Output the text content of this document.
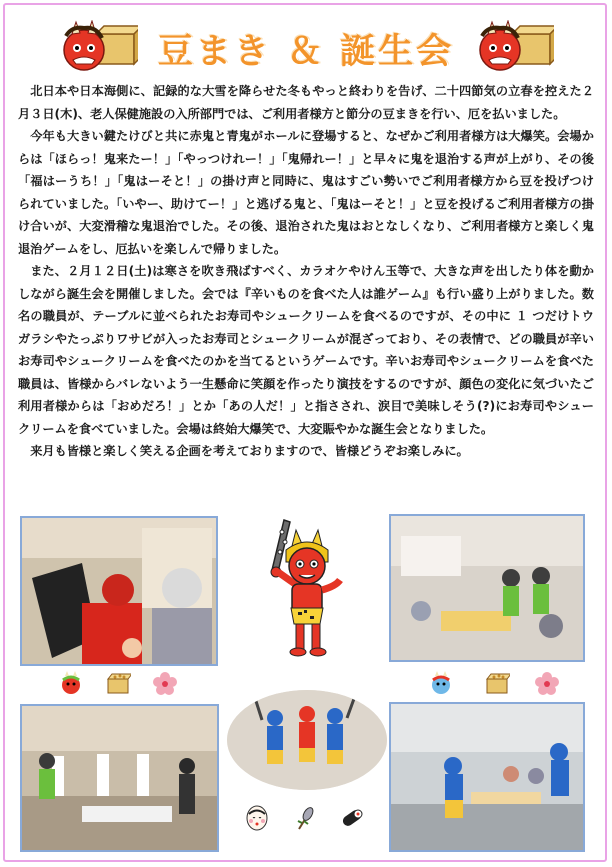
豆まき ＆ 誕生会

北日本や日本海側に、記録的な大雪を降らせた冬もやっと終わりを告げ、二十四節気の立春を控えた２月３日(木)、老人保健施設の入所部門では、ご利用者様方と節分の豆まきを行い、厄を払いました。

今年も大きい鍵たけびと共に赤鬼と青鬼がホールに登場すると、なぜかご利用者様方は大爆笑。会場からは「ほらっ！鬼来たー！」「やっつけれー！」「鬼帰れー！」と早々に鬼を退治する声が上がり、その後「福はーうち！」「鬼はーそと！」の掛け声と同時に、鬼はすごい勢いでご利用者様方から豆を投げつけられていました。「いやー、助けてー！」と逃げる鬼と、「鬼はーそと！」と豆を投げるご利用者様方の掛け合いが、大変滑稽な鬼退治でした。その後、退治された鬼はおとなしくなり、ご利用者様方と楽しく鬼退治ゲームをし、厄払いを楽しんで帰りました。

また、２月１２日(土)は寒さを吹き飛ばすべく、カラオケやけん玉等で、大きな声を出したり体を動かしながら誕生会を開催しました。会では『辛いものを食べた人は誰ゲーム』も行い盛り上がりました。数名の職員が、テーブルに並べられたお寿司やシュークリームを食べるのですが、その中に １ つだけトウガラシやたっぷりワサビが入ったお寿司とシュークリームが混ざっており、その表情で、どの職員が辛いお寿司やシュークリームを食べたのかを当てるというゲームです。辛いお寿司やシュークリームを食べた職員は、皆様からバレないよう一生懸命に笑顔を作ったり演技をするのですが、顔色の変化に気づいたご利用者様からは「おめだろ！」とか「あの人だ！」と指さされ、涙目で美味しそう(?)にお寿司やシュークリームを食べていました。会場は終始大爆笑で、大変賑やかな誕生会となりました。

来月も皆様と楽しく笑える企画を考えておりますので、皆様どうぞお楽しみに。
